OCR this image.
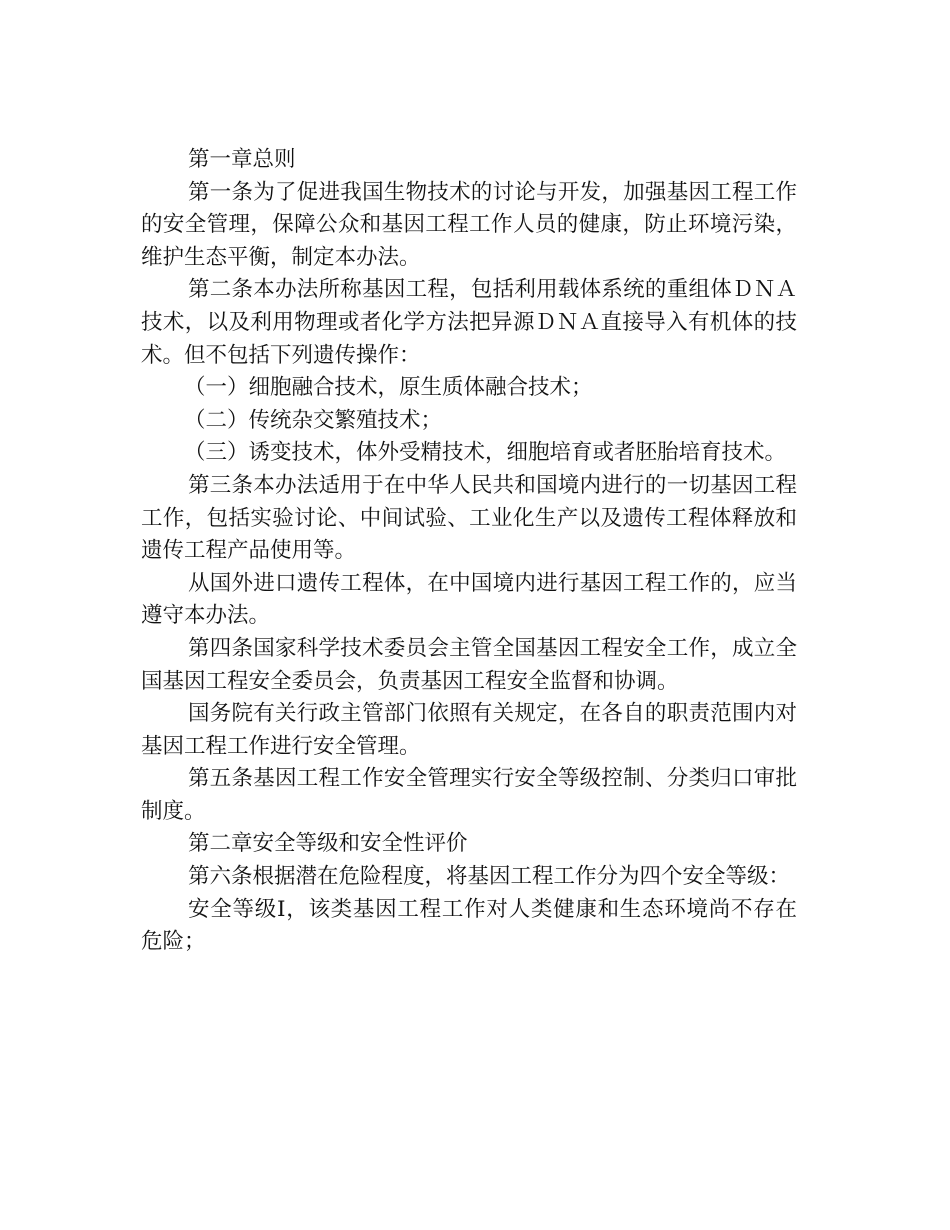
第一章总则

第一条为了促进我国生物技术的讨论与开发，加强基因工程工作的安全管理，保障公众和基因工程工作人员的健康，防止环境污染，维护生态平衡，制定本办法。

第二条本办法所称基因工程，包括利用载体系统的重组体ＤＮＡ技术，以及利用物理或者化学方法把异源ＤＮＡ直接导入有机体的技术。但不包括下列遗传操作：

（一）细胞融合技术，原生质体融合技术；

（二）传统杂交繁殖技术；

（三）诱变技术，体外受精技术，细胞培育或者胚胎培育技术。

第三条本办法适用于在中华人民共和国境内进行的一切基因工程工作，包括实验讨论、中间试验、工业化生产以及遗传工程体释放和遗传工程产品使用等。

从国外进口遗传工程体，在中国境内进行基因工程工作的，应当遵守本办法。

第四条国家科学技术委员会主管全国基因工程安全工作，成立全国基因工程安全委员会，负责基因工程安全监督和协调。

国务院有关行政主管部门依照有关规定，在各自的职责范围内对基因工程工作进行安全管理。

第五条基因工程工作安全管理实行安全等级控制、分类归口审批制度。

第二章安全等级和安全性评价

第六条根据潜在危险程度，将基因工程工作分为四个安全等级：

安全等级Ⅰ，该类基因工程工作对人类健康和生态环境尚不存在危险；
